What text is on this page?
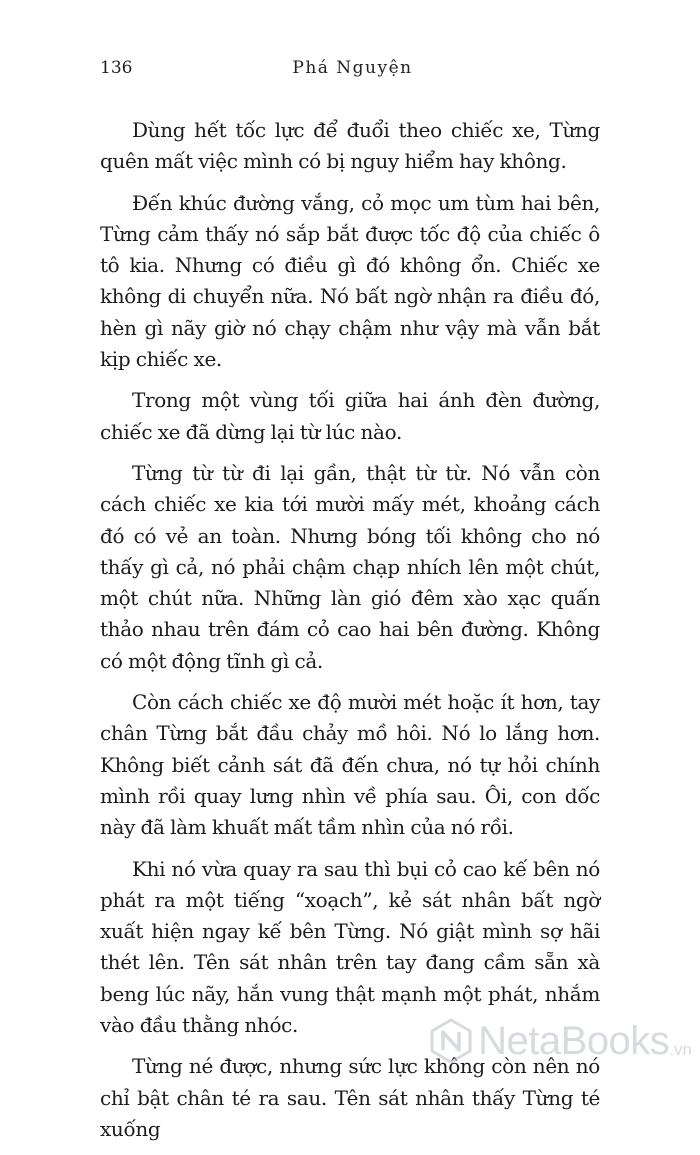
136	Phá Nguyện

Dùng hết tốc lực để đuổi theo chiếc xe, Từng quên mất việc mình có bị nguy hiểm hay không.

Đến khúc đường vắng, cỏ mọc um tùm hai bên, Từng cảm thấy nó sắp bắt được tốc độ của chiếc ô tô kia. Nhưng có điều gì đó không ổn. Chiếc xe không di chuyển nữa. Nó bất ngờ nhận ra điều đó, hèn gì nãy giờ nó chạy chậm như vậy mà vẫn bắt kịp chiếc xe.

Trong một vùng tối giữa hai ánh đèn đường, chiếc xe đã dừng lại từ lúc nào.

Từng từ từ đi lại gần, thật từ từ. Nó vẫn còn cách chiếc xe kia tới mười mấy mét, khoảng cách đó có vẻ an toàn. Nhưng bóng tối không cho nó thấy gì cả, nó phải chậm chạp nhích lên một chút, một chút nữa. Những làn gió đêm xào xạc quấn thảo nhau trên đám cỏ cao hai bên đường. Không có một động tĩnh gì cả.

Còn cách chiếc xe độ mười mét hoặc ít hơn, tay chân Từng bắt đầu chảy mồ hôi. Nó lo lắng hơn. Không biết cảnh sát đã đến chưa, nó tự hỏi chính mình rồi quay lưng nhìn về phía sau. Ôi, con dốc này đã làm khuất mất tầm nhìn của nó rồi.

Khi nó vừa quay ra sau thì bụi cỏ cao kế bên nó phát ra một tiếng “xoạch”, kẻ sát nhân bất ngờ xuất hiện ngay kế bên Từng. Nó giật mình sợ hãi thét lên. Tên sát nhân trên tay đang cầm sẵn xà beng lúc nãy, hắn vung thật mạnh một phát, nhắm vào đầu thằng nhóc.

Từng né được, nhưng sức lực không còn nên nó chỉ bật chân té ra sau. Tên sát nhân thấy Từng té xuống

NetaBooks .vn
